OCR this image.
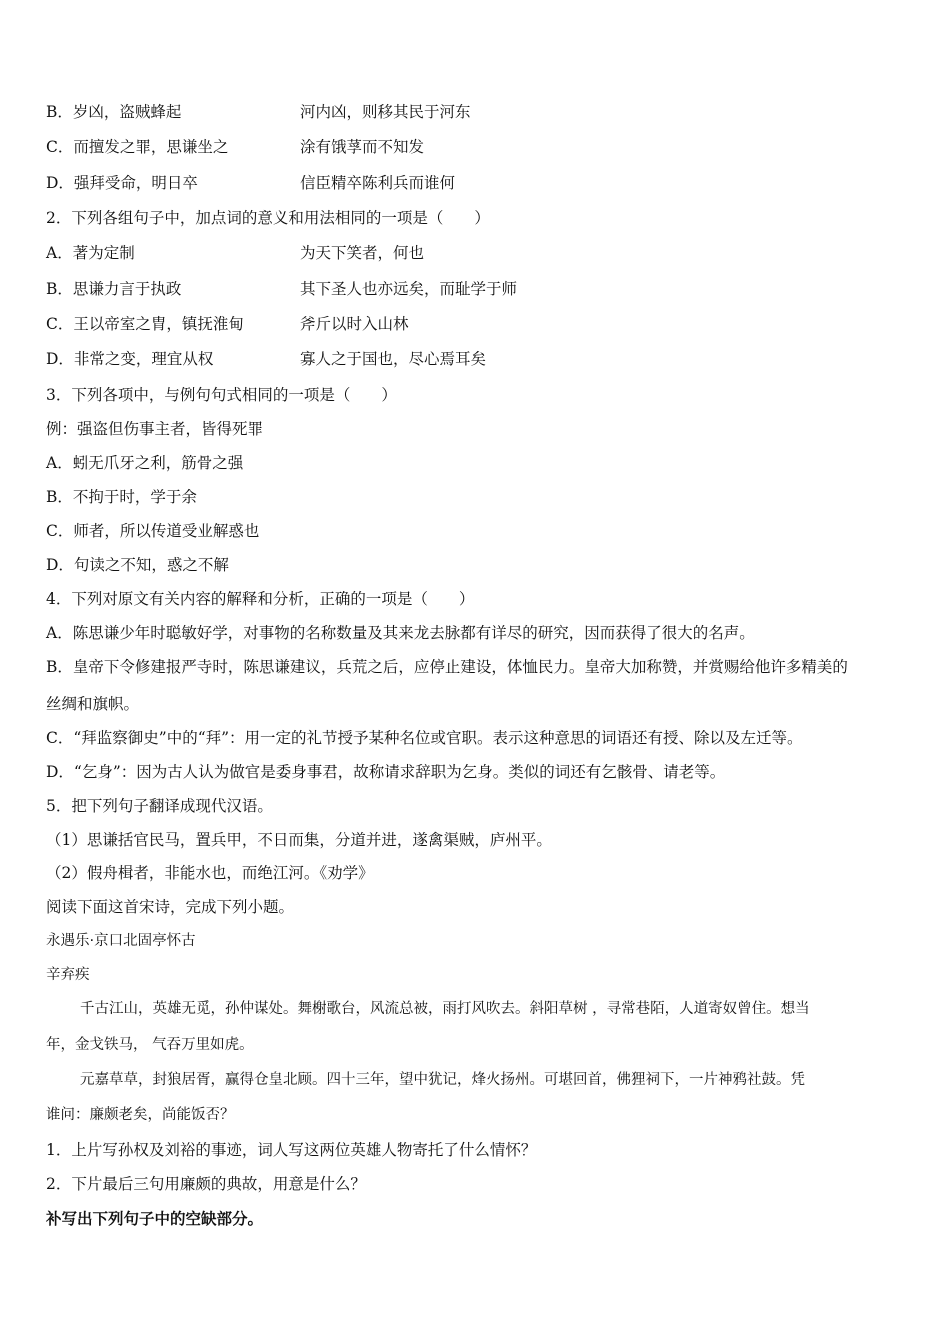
B．岁凶，盗贼蜂起	河内凶，则移其民于河东
C．而擅发之罪，思谦坐之	涂有饿莩而不知发
D．强拜受命，明日卒	信臣精卒陈利兵而谁何
2．下列各组句子中，加点词的意义和用法相同的一项是（　　）
A．著为定制	为天下笑者，何也
B．思谦力言于执政	其下圣人也亦远矣，而耻学于师
C．王以帝室之胄，镇抚淮甸	斧斤以时入山林
D．非常之变，理宜从权	寡人之于国也，尽心焉耳矣
3．下列各项中，与例句句式相同的一项是（　　）
例：强盗但伤事主者，皆得死罪
A．蚓无爪牙之利，筋骨之强
B．不拘于时，学于余
C．师者，所以传道受业解惑也
D．句读之不知，惑之不解
4．下列对原文有关内容的解释和分析，正确的一项是（　　）
A．陈思谦少年时聪敏好学，对事物的名称数量及其来龙去脉都有详尽的研究，因而获得了很大的名声。
B．皇帝下令修建报严寺时，陈思谦建议，兵荒之后，应停止建设，体恤民力。皇帝大加称赞，并赏赐给他许多精美的
丝绸和旗帜。
C．“拜监察御史”中的“拜”：用一定的礼节授予某种名位或官职。表示这种意思的词语还有授、除以及左迁等。
D．“乞身”：因为古人认为做官是委身事君，故称请求辞职为乞身。类似的词还有乞骸骨、请老等。
5．把下列句子翻译成现代汉语。
（1）思谦括官民马，置兵甲，不日而集，分道并进，遂禽渠贼，庐州平。
（2）假舟楫者，非能水也，而绝江河。《劝学》
阅读下面这首宋诗，完成下列小题。
永遇乐·京口北固亭怀古
辛弃疾
千古江山，英雄无觅，孙仲谋处。舞榭歌台，风流总被，雨打风吹去。斜阳草树 ，寻常巷陌，人道寄奴曾住。想当
年，金戈铁马， 气吞万里如虎。
元嘉草草，封狼居胥，赢得仓皇北顾。四十三年，望中犹记，烽火扬州。可堪回首，佛狸祠下，一片神鸦社鼓。凭
谁问：廉颇老矣，尚能饭否？
1．上片写孙权及刘裕的事迹，词人写这两位英雄人物寄托了什么情怀？
2．下片最后三句用廉颇的典故，用意是什么？
补写出下列句子中的空缺部分。
